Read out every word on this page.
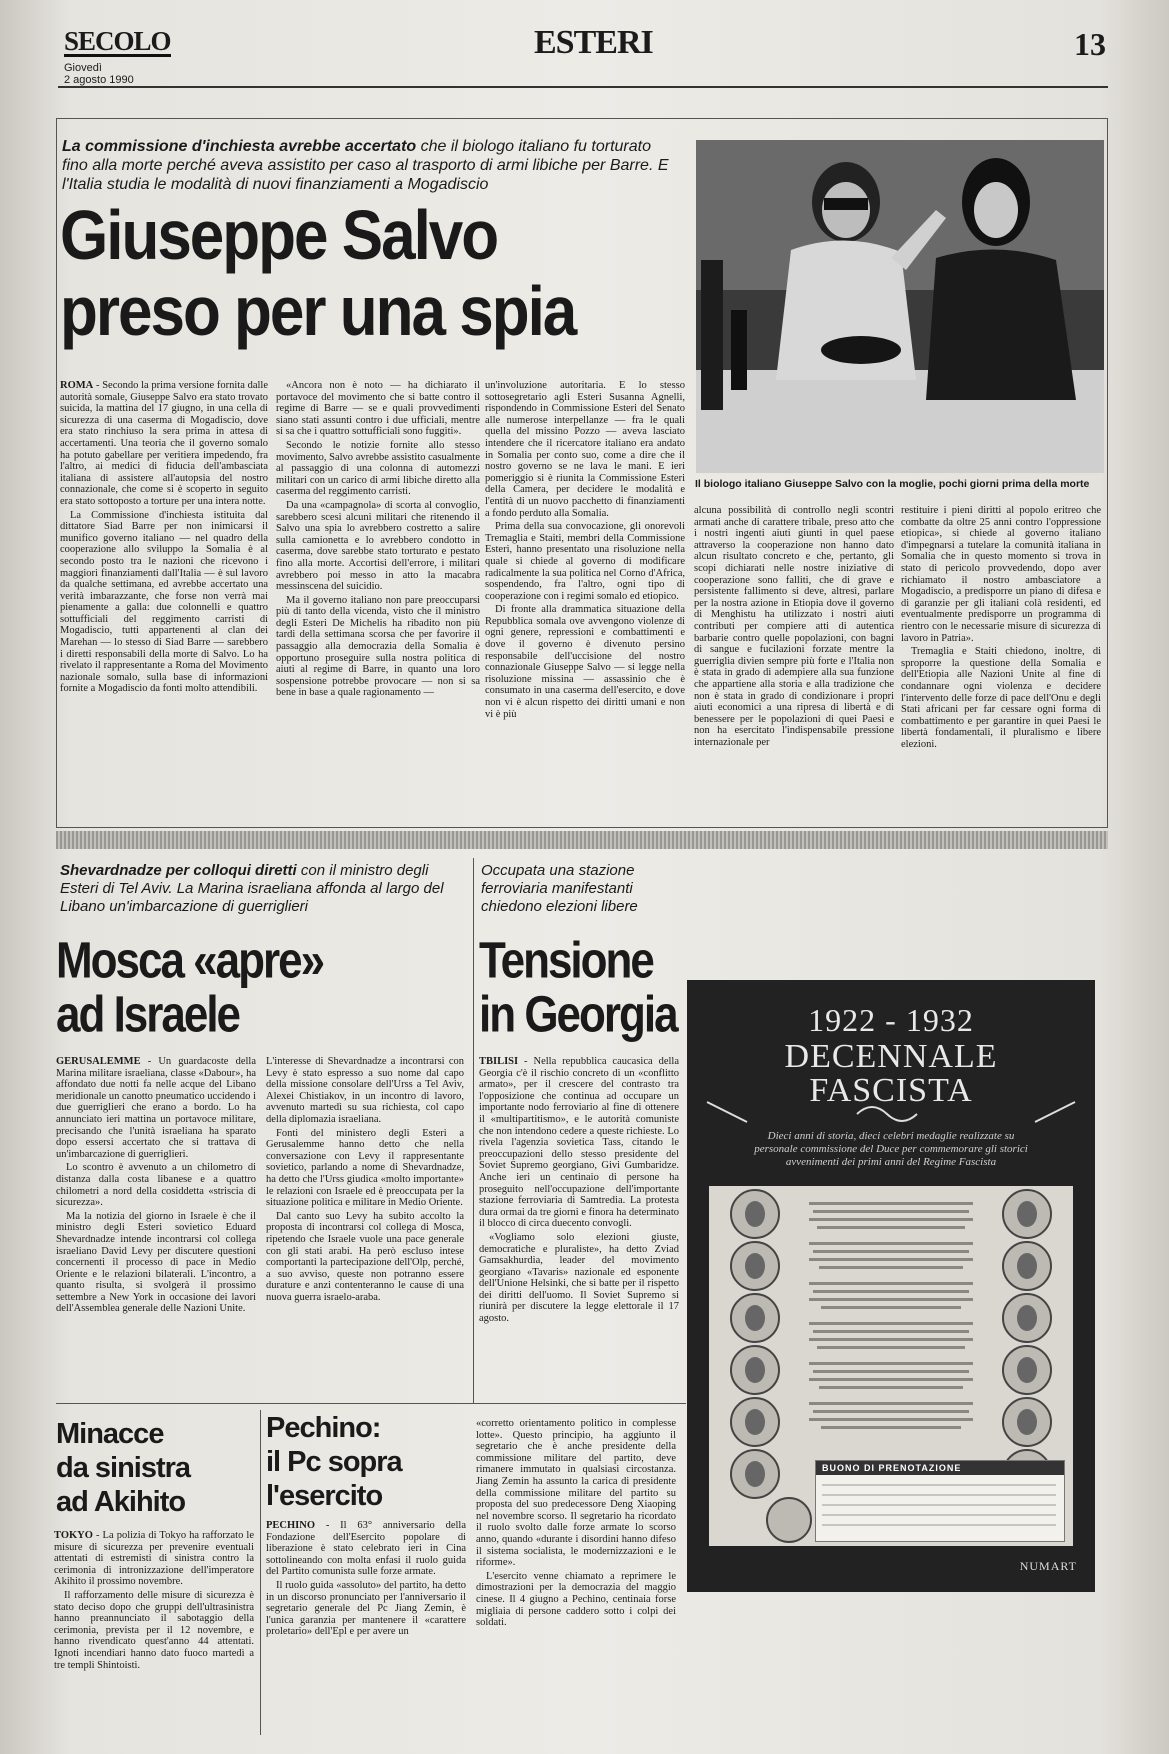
SECOLO
Giovedì
2 agosto 1990
ESTERI	13
La commissione d'inchiesta avrebbe accertato che il biologo italiano fu torturato fino alla morte perché aveva assistito per caso al trasporto di armi libiche per Barre. E l'Italia studia le modalità di nuovi finanziamenti a Mogadiscio
Giuseppe Salvo
preso per una spia

ROMA - Secondo la prima versione fornita dalle autorità somale, Giuseppe Salvo era stato trovato suicida, la mattina del 17 giugno, in una cella di sicurezza di una caserma di Mogadiscio, dove era stato rinchiuso la sera prima in attesa di accertamenti. Una teoria che il governo somalo ha potuto gabellare per veritiera impedendo, fra l'altro, ai medici di fiducia dell'ambasciata italiana di assistere all'autopsia del nostro connazionale, che come si è scoperto in seguito era stato sottoposto a torture per una intera notte.

La Commissione d'inchiesta istituita dal dittatore Siad Barre per non inimicarsi il munifico governo italiano — nel quadro della cooperazione allo sviluppo la Somalia è al secondo posto tra le nazioni che ricevono i maggiori finanziamenti dall'Italia — è sul lavoro da qualche settimana, ed avrebbe accertato una verità imbarazzante, che forse non verrà mai pienamente a galla: due colonnelli e quattro sottufficiali del reggimento carristi di Mogadiscio, tutti appartenenti al clan dei Marehan — lo stesso di Siad Barre — sarebbero i diretti responsabili della morte di Salvo. Lo ha rivelato il rappresentante a Roma del Movimento nazionale somalo, sulla base di informazioni fornite a Mogadiscio da fonti molto attendibili.

«Ancora non è noto — ha dichiarato il portavoce del movimento che si batte contro il regime di Barre — se e quali provvedimenti siano stati assunti contro i due ufficiali, mentre si sa che i quattro sottufficiali sono fuggiti».

Secondo le notizie fornite allo stesso movimento, Salvo avrebbe assistito casualmente al passaggio di una colonna di automezzi militari con un carico di armi libiche diretto alla caserma del reggimento carristi.

Da una «campagnola» di scorta al convoglio, sarebbero scesi alcuni militari che ritenendo il Salvo una spia lo avrebbero costretto a salire sulla camionetta e lo avrebbero condotto in caserma, dove sarebbe stato torturato e pestato fino alla morte. Accortisi dell'errore, i militari avrebbero poi messo in atto la macabra messinscena del suicidio.

Ma il governo italiano non pare preoccuparsi più di tanto della vicenda, visto che il ministro degli Esteri De Michelis ha ribadito non più tardi della settimana scorsa che per favorire il passaggio alla democrazia della Somalia è opportuno proseguire sulla nostra politica di aiuti al regime di Barre, in quanto una loro sospensione potrebbe provocare — non si sa bene in base a quale ragionamento —

un'involuzione autoritaria. E lo stesso sottosegretario agli Esteri Susanna Agnelli, rispondendo in Commissione Esteri del Senato alle numerose interpellanze — fra le quali quella del missino Pozzo — aveva lasciato intendere che il ricercatore italiano era andato in Somalia per conto suo, come a dire che il nostro governo se ne lava le mani. E ieri pomeriggio si è riunita la Commissione Esteri della Camera, per decidere le modalità e l'entità di un nuovo pacchetto di finanziamenti a fondo perduto alla Somalia.

Prima della sua convocazione, gli onorevoli Tremaglia e Staiti, membri della Commissione Esteri, hanno presentato una risoluzione nella quale si chiede al governo di modificare radicalmente la sua politica nel Corno d'Africa, sospendendo, fra l'altro, ogni tipo di cooperazione con i regimi somalo ed etiopico.

Di fronte alla drammatica situazione della Repubblica somala ove avvengono violenze di ogni genere, repressioni e combattimenti e dove il governo è divenuto persino responsabile dell'uccisione del nostro connazionale Giuseppe Salvo — si legge nella risoluzione missina — assassinio che è consumato in una caserma dell'esercito, e dove non vi è alcun rispetto dei diritti umani e non vi è più

Il biologo italiano Giuseppe Salvo con la moglie, pochi giorni prima della morte

alcuna possibilità di controllo negli scontri armati anche di carattere tribale, preso atto che i nostri ingenti aiuti giunti in quel paese attraverso la cooperazione non hanno dato alcun risultato concreto e che, pertanto, gli scopi dichiarati nelle nostre iniziative di cooperazione sono falliti, che di grave e persistente fallimento si deve, altresì, parlare per la nostra azione in Etiopia dove il governo di Menghistu ha utilizzato i nostri aiuti contributi per compiere atti di autentica barbarie contro quelle popolazioni, con bagni di sangue e fucilazioni forzate mentre la guerriglia divien sempre più forte e l'Italia non è stata in grado di adempiere alla sua funzione che appartiene alla storia e alla tradizione che non è stata in grado di condizionare i propri aiuti economici a una ripresa di libertà e di benessere per le popolazioni di quei Paesi e non ha esercitato l'indispensabile pressione internazionale per

restituire i pieni diritti al popolo eritreo che combatte da oltre 25 anni contro l'oppressione etiopica», si chiede al governo italiano d'impegnarsi a tutelare la comunità italiana in Somalia che in questo momento si trova in stato di pericolo provvedendo, dopo aver richiamato il nostro ambasciatore a Mogadiscio, a predisporre un piano di difesa e di garanzie per gli italiani colà residenti, ed eventualmente predisporre un programma di rientro con le necessarie misure di sicurezza di lavoro in Patria».

Tremaglia e Staiti chiedono, inoltre, di sproporre la questione della Somalia e dell'Etiopia alle Nazioni Unite al fine di condannare ogni violenza e decidere l'intervento delle forze di pace dell'Onu e degli Stati africani per far cessare ogni forma di combattimento e per garantire in quei Paesi le libertà fondamentali, il pluralismo e libere elezioni.

Shevardnadze per colloqui diretti con il ministro degli Esteri di Tel Aviv. La Marina israeliana affonda al largo del Libano un'imbarcazione di guerriglieri
Mosca «apre»
ad Israele

GERUSALEMME - Un guardacoste della Marina militare israeliana, classe «Dabour», ha affondato due notti fa nelle acque del Libano meridionale un canotto pneumatico uccidendo i due guerriglieri che erano a bordo. Lo ha annunciato ieri mattina un portavoce militare, precisando che l'unità israeliana ha sparato dopo essersi accertato che si trattava di un'imbarcazione di guerriglieri.

Lo scontro è avvenuto a un chilometro di distanza dalla costa libanese e a quattro chilometri a nord della cosiddetta «striscia di sicurezza».

Ma la notizia del giorno in Israele è che il ministro degli Esteri sovietico Eduard Shevardnadze intende incontrarsi col collega israeliano David Levy per discutere questioni concernenti il processo di pace in Medio Oriente e le relazioni bilaterali. L'incontro, a quanto risulta, si svolgerà il prossimo settembre a New York in occasione dei lavori dell'Assemblea generale delle Nazioni Unite.

L'interesse di Shevardnadze a incontrarsi con Levy è stato espresso a suo nome dal capo della missione consolare dell'Urss a Tel Aviv, Alexei Chistiakov, in un incontro di lavoro, avvenuto martedì su sua richiesta, col capo della diplomazia israeliana.

Fonti del ministero degli Esteri a Gerusalemme hanno detto che nella conversazione con Levy il rappresentante sovietico, parlando a nome di Shevardnadze, ha detto che l'Urss giudica «molto importante» le relazioni con Israele ed è preoccupata per la situazione politica e militare in Medio Oriente.

Dal canto suo Levy ha subito accolto la proposta di incontrarsi col collega di Mosca, ripetendo che Israele vuole una pace generale con gli stati arabi. Ha però escluso intese comportanti la partecipazione dell'Olp, perché, a suo avviso, queste non potranno essere durature e anzi contenteranno le cause di una nuova guerra israelo-araba.

Occupata una stazione ferroviaria manifestanti chiedono elezioni libere
Tensione
in Georgia

TBILISI - Nella repubblica caucasica della Georgia c'è il rischio concreto di un «conflitto armato», per il crescere del contrasto tra l'opposizione che continua ad occupare un importante nodo ferroviario al fine di ottenere il «multipartitismo», e le autorità comuniste che non intendono cedere a queste richieste. Lo rivela l'agenzia sovietica Tass, citando le preoccupazioni dello stesso presidente del Soviet Supremo georgiano, Givi Gumbaridze. Anche ieri un centinaio di persone ha proseguito nell'occupazione dell'importante stazione ferroviaria di Samtredia. La protesta dura ormai da tre giorni e finora ha determinato il blocco di circa duecento convogli.

«Vogliamo solo elezioni giuste, democratiche e pluraliste», ha detto Zviad Gamsakhurdia, leader del movimento georgiano «Tavaris» nazionale ed esponente dell'Unione Helsinki, che si batte per il rispetto dei diritti dell'uomo. Il Soviet Supremo si riunirà per discutere la legge elettorale il 17 agosto.

Minacce
da sinistra
ad Akihito

TOKYO - La polizia di Tokyo ha rafforzato le misure di sicurezza per prevenire eventuali attentati di estremisti di sinistra contro la cerimonia di intronizzazione dell'imperatore Akihito il prossimo novembre.

Il rafforzamento delle misure di sicurezza è stato deciso dopo che gruppi dell'ultrasinistra hanno preannunciato il sabotaggio della cerimonia, prevista per il 12 novembre, e hanno rivendicato quest'anno 44 attentati. Ignoti incendiari hanno dato fuoco martedì a tre templi Shintoisti.

Pechino:
il Pc sopra
l'esercito

PECHINO - Il 63° anniversario della Fondazione dell'Esercito popolare di liberazione è stato celebrato ieri in Cina sottolineando con molta enfasi il ruolo guida del Partito comunista sulle forze armate.

Il ruolo guida «assoluto» del partito, ha detto in un discorso pronunciato per l'anniversario il segretario generale del Pc Jiang Zemin, è l'unica garanzia per mantenere il «carattere proletario» dell'Epl e per avere un

«corretto orientamento politico in complesse lotte». Questo principio, ha aggiunto il segretario che è anche presidente della commissione militare del partito, deve rimanere immutato in qualsiasi circostanza. Jiang Zemin ha assunto la carica di presidente della commissione militare del partito su proposta del suo predecessore Deng Xiaoping nel novembre scorso. Il segretario ha ricordato il ruolo svolto dalle forze armate lo scorso anno, quando «durante i disordini hanno difeso il sistema socialista, le modernizzazioni e le riforme».

L'esercito venne chiamato a reprimere le dimostrazioni per la democrazia del maggio cinese. Il 4 giugno a Pechino, centinaia forse migliaia di persone caddero sotto i colpi dei soldati.

1922 - 1932
DECENNALE
FASCISTA
Dieci anni di storia, dieci celebri medaglie realizzate su personale commissione del Duce per commemorare gli storici avvenimenti dei primi anni del Regime Fascista
BUONO DI PRENOTAZIONE
NUMART
